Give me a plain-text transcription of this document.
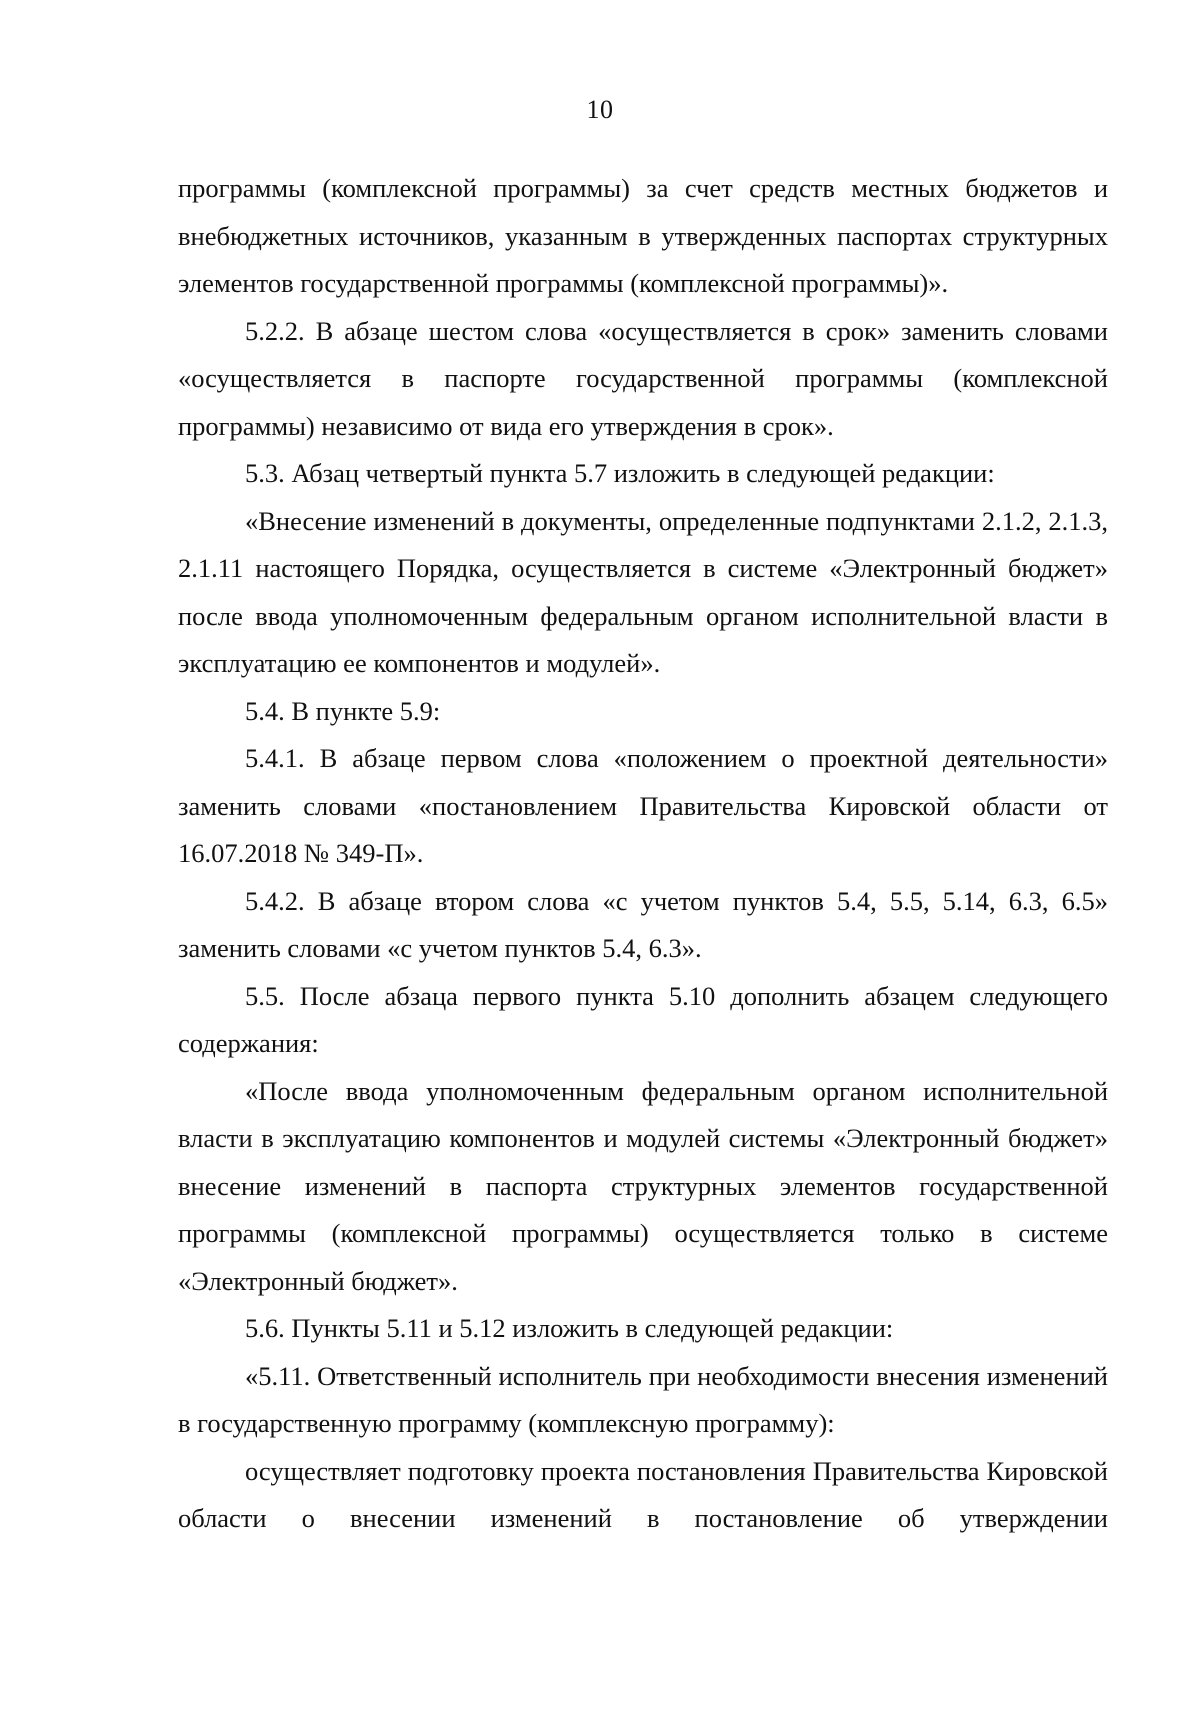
10

программы (комплексной программы) за счет средств местных бюджетов и внебюджетных источников, указанным в утвержденных паспортах структурных элементов государственной программы (комплексной программы)».

5.2.2. В абзаце шестом слова «осуществляется в срок» заменить словами «осуществляется в паспорте государственной программы (комплексной программы) независимо от вида его утверждения в срок».

5.3. Абзац четвертый пункта 5.7 изложить в следующей редакции:

«Внесение изменений в документы, определенные подпунктами 2.1.2, 2.1.3, 2.1.11 настоящего Порядка, осуществляется в системе «Электронный бюджет» после ввода уполномоченным федеральным органом исполнительной власти в эксплуатацию ее компонентов и модулей».

5.4. В пункте 5.9:

5.4.1. В абзаце первом слова «положением о проектной деятельности» заменить словами «постановлением Правительства Кировской области от 16.07.2018 № 349-П».

5.4.2. В абзаце втором слова «с учетом пунктов 5.4, 5.5, 5.14, 6.3, 6.5» заменить словами «с учетом пунктов 5.4, 6.3».

5.5. После абзаца первого пункта 5.10 дополнить абзацем следующего содержания:

«После ввода уполномоченным федеральным органом исполнительной власти в эксплуатацию компонентов и модулей системы «Электронный бюджет» внесение изменений в паспорта структурных элементов государственной программы (комплексной программы) осуществляется только в системе «Электронный бюджет».

5.6. Пункты 5.11 и 5.12 изложить в следующей редакции:

«5.11. Ответственный исполнитель при необходимости внесения изменений в государственную программу (комплексную программу):

осуществляет подготовку проекта постановления Правительства Кировской области о внесении изменений в постановление об утверждении
